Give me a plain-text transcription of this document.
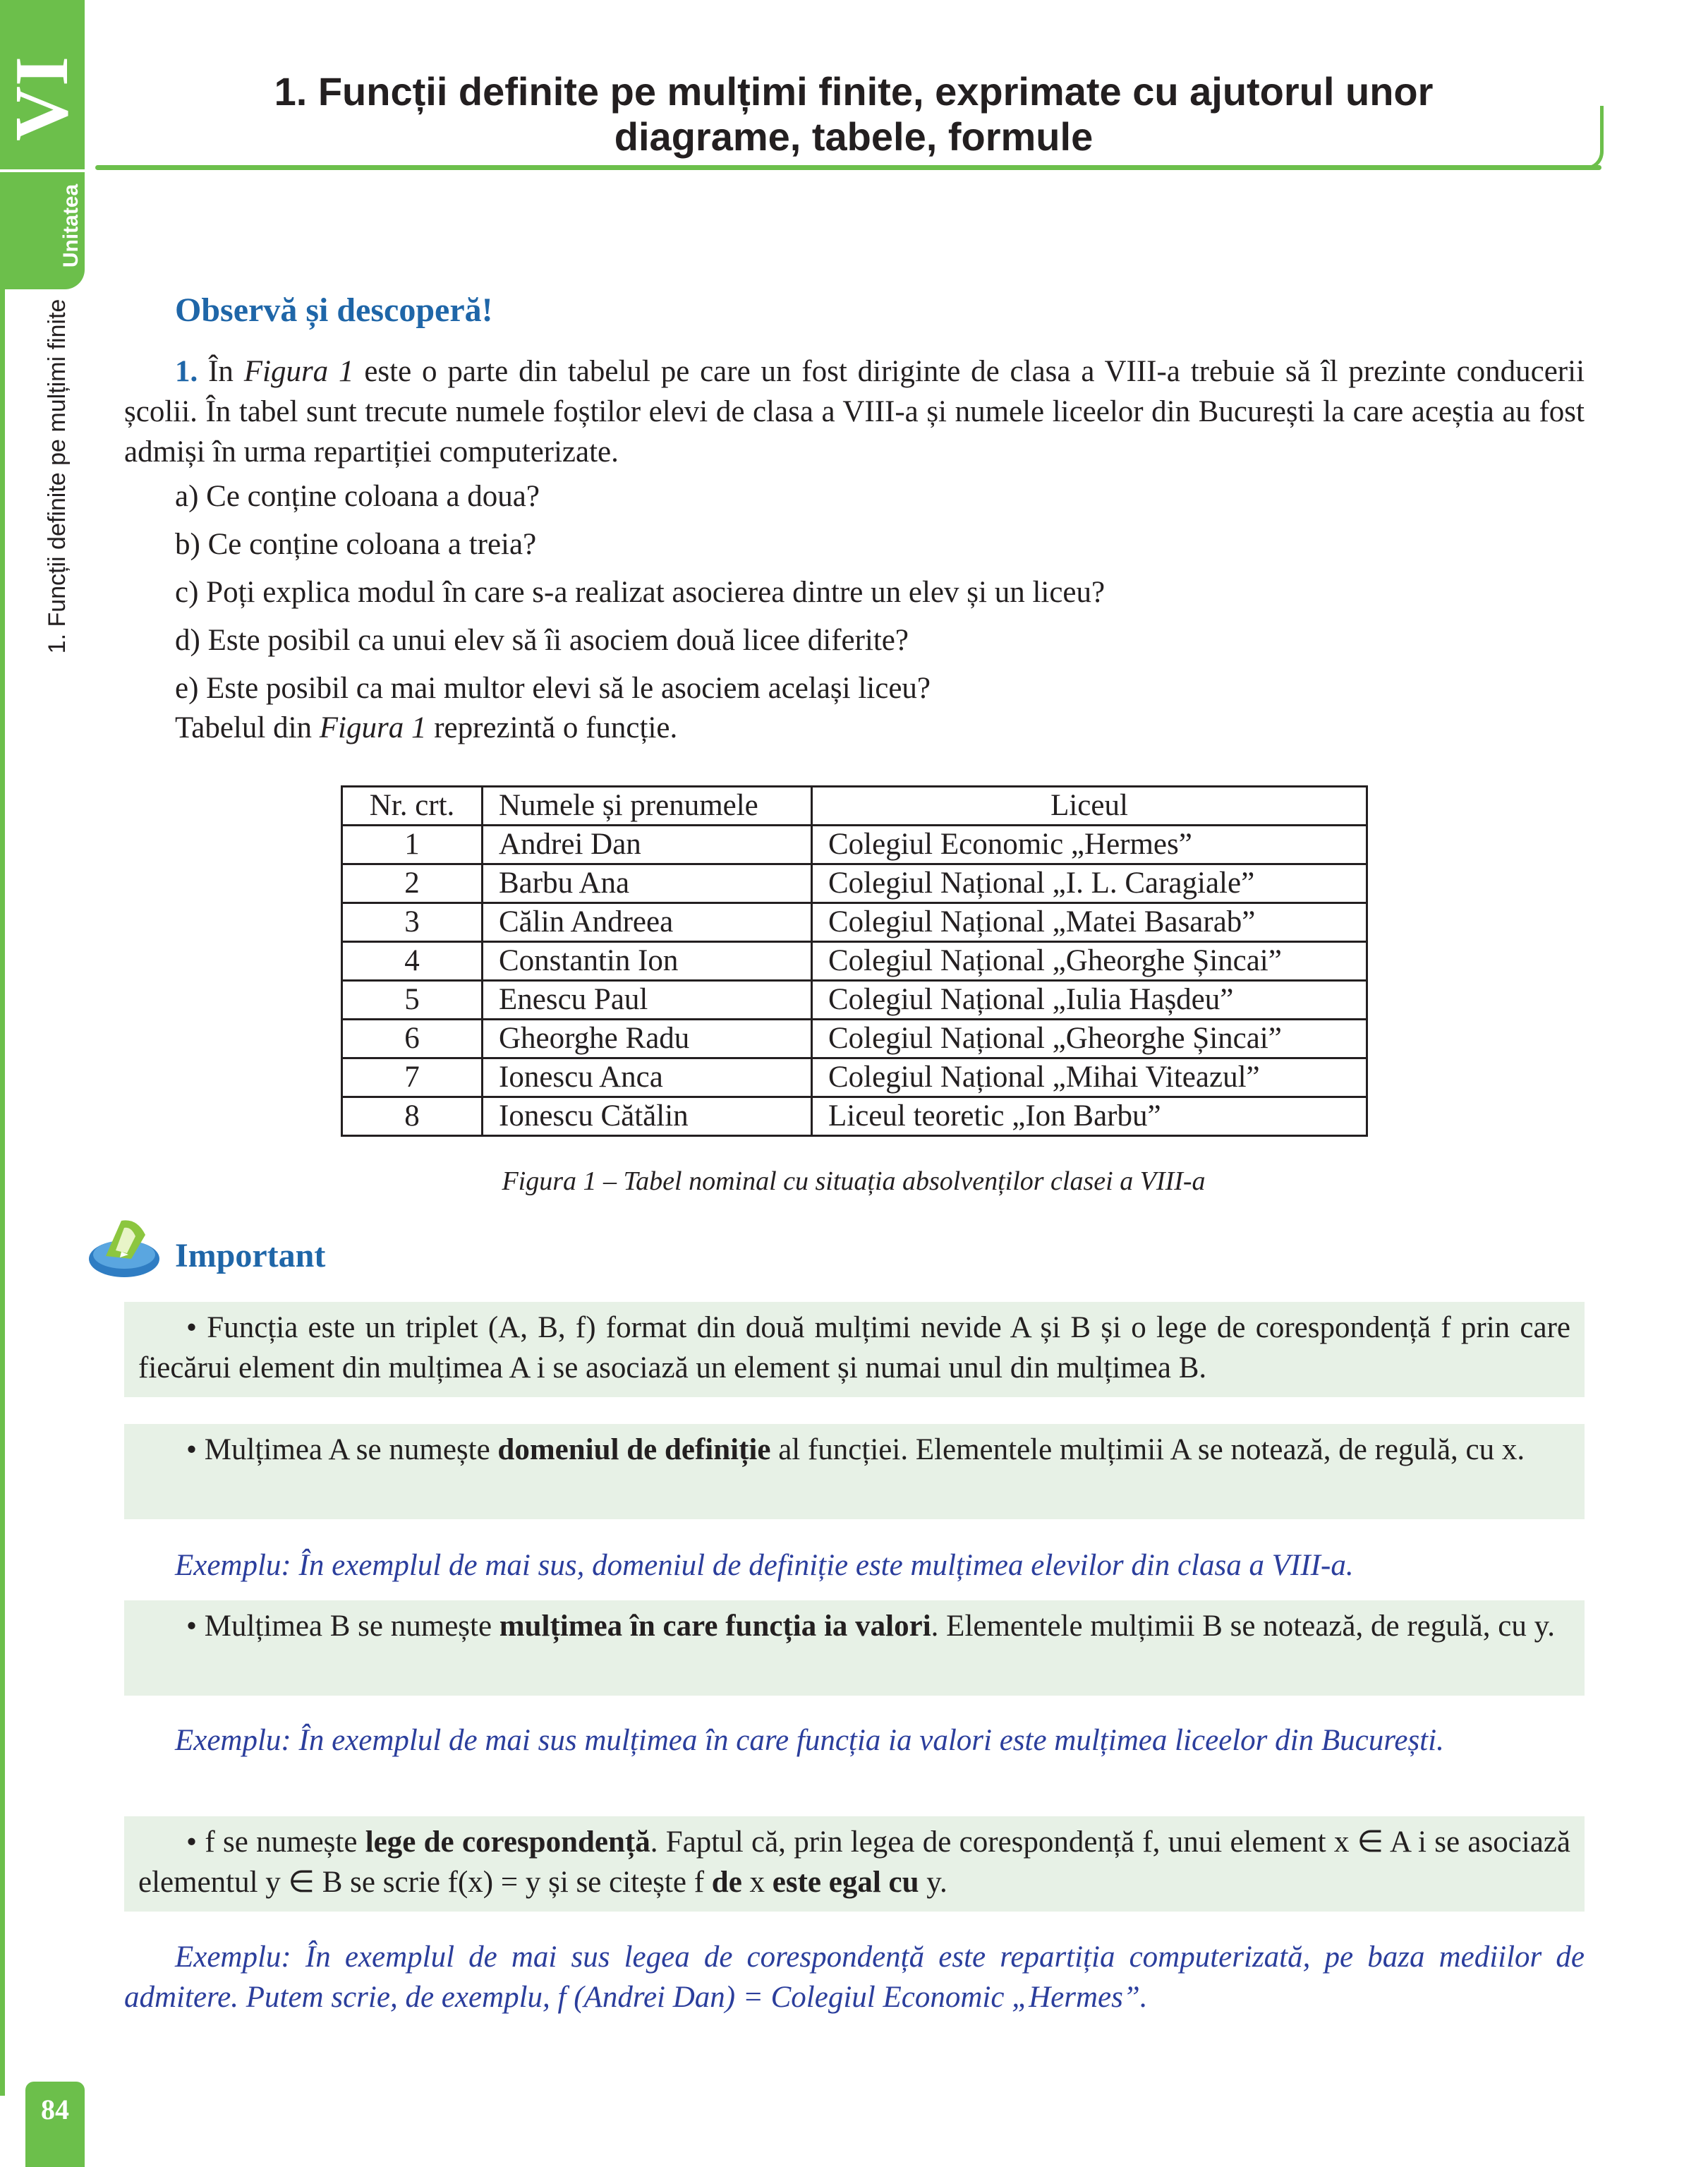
VI
Unitatea
1. Funcții definite pe mulțimi finite
84
1. Funcții definite pe mulțimi finite, exprimate cu ajutorul unor
diagrame, tabele, formule
Observă și descoperă!
1. În Figura 1 este o parte din tabelul pe care un fost diriginte de clasa a VIII-a trebuie să îl prezinte conducerii școlii. În tabel sunt trecute numele foștilor elevi de clasa a VIII-a și numele liceelor din București la care aceștia au fost admiși în urma repartiției computerizate.
a) Ce conține coloana a doua?
b) Ce conține coloana a treia?
c) Poți explica modul în care s-a realizat asocierea dintre un elev și un liceu?
d) Este posibil ca unui elev să îi asociem două licee diferite?
e) Este posibil ca mai multor elevi să le asociem același liceu?
Tabelul din Figura 1 reprezintă o funcție.
Nr. crt.	Numele și prenumele	Liceul
1	Andrei Dan	Colegiul Economic „Hermes”
2	Barbu Ana	Colegiul Național „I. L. Caragiale”
3	Călin Andreea	Colegiul Național „Matei Basarab”
4	Constantin Ion	Colegiul Național „Gheorghe Șincai”
5	Enescu Paul	Colegiul Național „Iulia Hașdeu”
6	Gheorghe Radu	Colegiul Național „Gheorghe Șincai”
7	Ionescu Anca	Colegiul Național „Mihai Viteazul”
8	Ionescu Cătălin	Liceul teoretic „Ion Barbu”
Figura 1 – Tabel nominal cu situația absolvenților clasei a VIII-a
Important
• Funcția este un triplet (A, B, f) format din două mulțimi nevide A și B și o lege de corespondență f prin care fiecărui element din mulțimea A i se asociază un element și numai unul din mulțimea B.
• Mulțimea A se numește domeniul de definiție al funcției. Elementele mulțimii A se notează, de regulă, cu x.
Exemplu: În exemplul de mai sus, domeniul de definiție este mulțimea elevilor din clasa a VIII-a.
• Mulțimea B se numește mulțimea în care funcția ia valori. Elementele mulțimii B se notează, de regulă, cu y.
Exemplu: În exemplul de mai sus mulțimea în care funcția ia valori este mulțimea liceelor din București.
• f se numește lege de corespondență. Faptul că, prin legea de corespondență f, unui element x ∈ A i se asociază elementul y ∈ B se scrie f(x) = y și se citește f de x este egal cu y.
Exemplu: În exemplul de mai sus legea de corespondență este repartiția computerizată, pe baza mediilor de admitere. Putem scrie, de exemplu, f (Andrei Dan) = Colegiul Economic „Hermes”.
